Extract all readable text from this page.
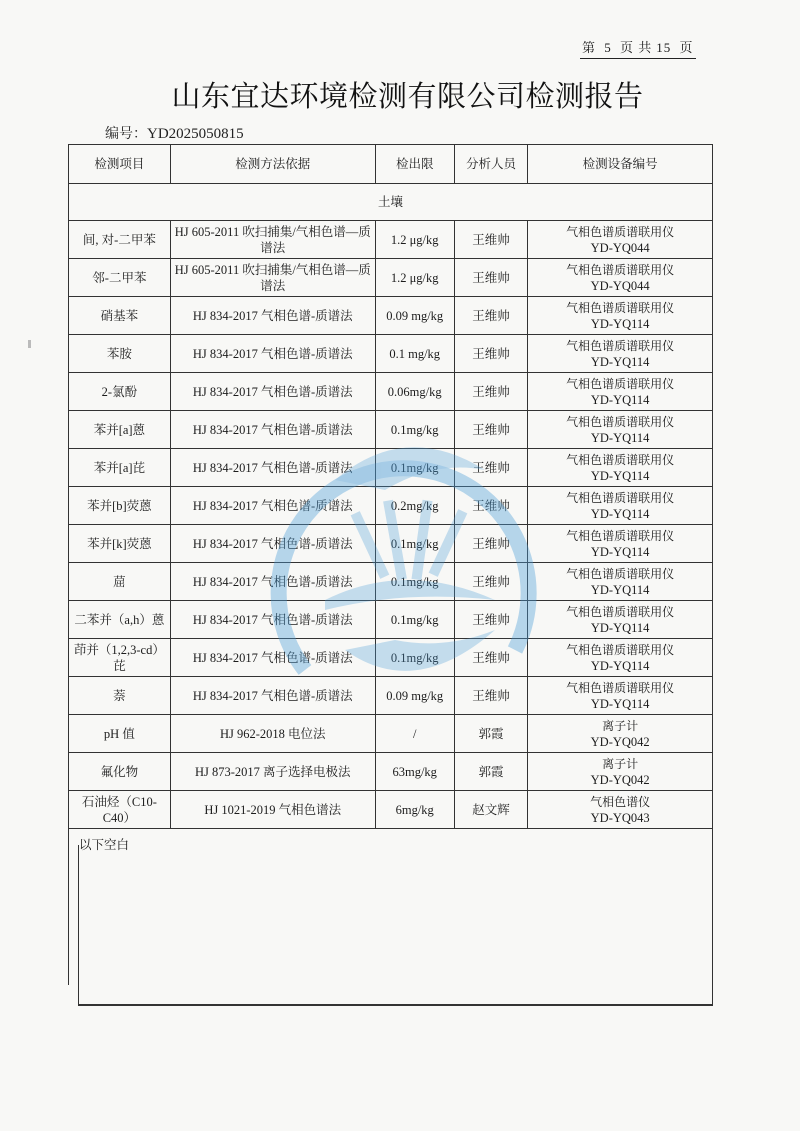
第 5 页 共 15 页
山东宜达环境检测有限公司检测报告
编号：YD2025050815
检测项目	检测方法依据	检出限	分析人员	检测设备编号
土壤				
间, 对-二甲苯	HJ 605-2011 吹扫捕集/气相色谱—质谱法	1.2 μg/kg	王维帅	气相色谱质谱联用仪
YD-YQ044

邻-二甲苯	HJ 605-2011 吹扫捕集/气相色谱—质谱法	1.2 μg/kg	王维帅	气相色谱质谱联用仪
YD-YQ044

硝基苯	HJ 834-2017 气相色谱-质谱法	0.09 mg/kg	王维帅	气相色谱质谱联用仪
YD-YQ114

苯胺	HJ 834-2017 气相色谱-质谱法	0.1 mg/kg	王维帅	气相色谱质谱联用仪
YD-YQ114

2-氯酚	HJ 834-2017 气相色谱-质谱法	0.06mg/kg	王维帅	气相色谱质谱联用仪
YD-YQ114

苯并[a]蒽	HJ 834-2017 气相色谱-质谱法	0.1mg/kg	王维帅	气相色谱质谱联用仪
YD-YQ114

苯并[a]芘	HJ 834-2017 气相色谱-质谱法	0.1mg/kg	王维帅	气相色谱质谱联用仪
YD-YQ114

苯并[b]荧蒽	HJ 834-2017 气相色谱-质谱法	0.2mg/kg	王维帅	气相色谱质谱联用仪
YD-YQ114

苯并[k]荧蒽	HJ 834-2017 气相色谱-质谱法	0.1mg/kg	王维帅	气相色谱质谱联用仪
YD-YQ114

䓛	HJ 834-2017 气相色谱-质谱法	0.1mg/kg	王维帅	气相色谱质谱联用仪
YD-YQ114

二苯并（a,h）蒽	HJ 834-2017 气相色谱-质谱法	0.1mg/kg	王维帅	气相色谱质谱联用仪
YD-YQ114

茚并（1,2,3-cd）芘	HJ 834-2017 气相色谱-质谱法	0.1mg/kg	王维帅	气相色谱质谱联用仪
YD-YQ114

萘	HJ 834-2017 气相色谱-质谱法	0.09 mg/kg	王维帅	气相色谱质谱联用仪
YD-YQ114

pH 值	HJ 962-2018 电位法	/	郭霞	离子计
YD-YQ042

氟化物	HJ 873-2017 离子选择电极法	63mg/kg	郭霞	离子计
YD-YQ042

石油烃（C10-C40）	HJ 1021-2019 气相色谱法	6mg/kg	赵文辉	气相色谱仪
YD-YQ043

以下空白				
